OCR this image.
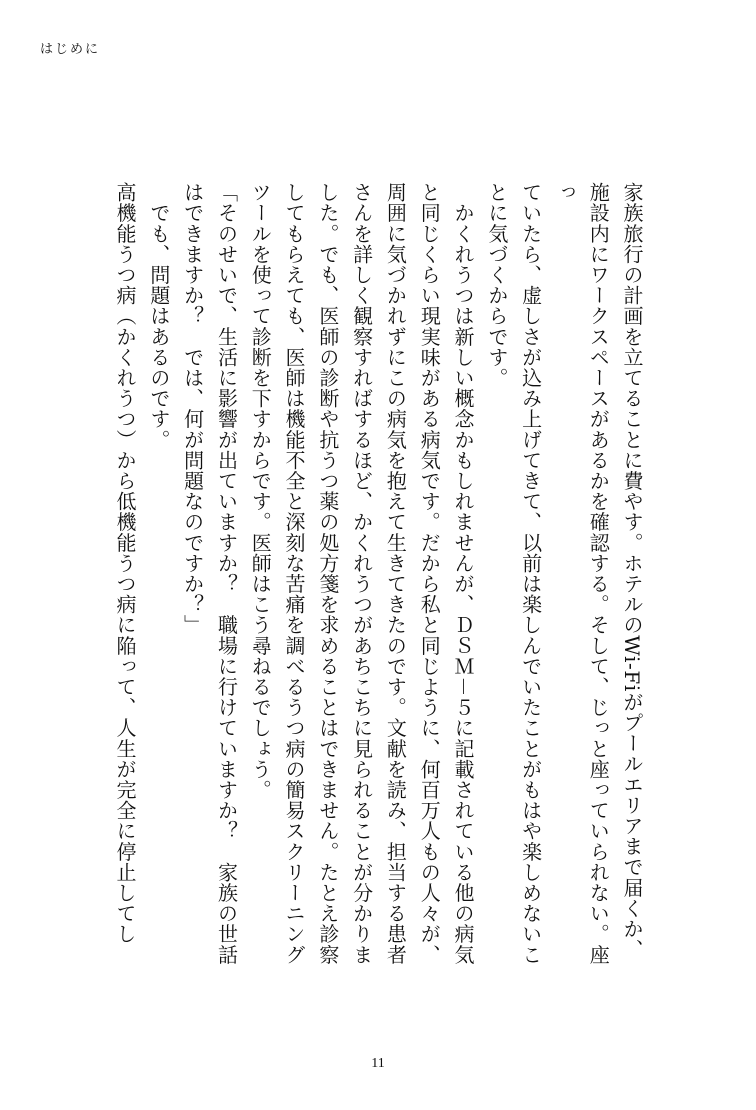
はじめに

家族旅行の計画を立てることに費やす。ホテルのWi-Fiがプールエリアまで届くか、

施設内にワークスペースがあるかを確認する。そして、じっと座っていられない。座っ

ていたら、虚しさが込み上げてきて、以前は楽しんでいたことがもはや楽しめないこ

とに気づくからです。

　かくれうつは新しい概念かもしれませんが、ＤＳＭ－５に記載されている他の病気

と同じくらい現実味がある病気です。だから私と同じように、何百万人もの人々が、

周囲に気づかれずにこの病気を抱えて生きてきたのです。文献を読み、担当する患者

さんを詳しく観察すればするほど、かくれうつがあちこちに見られることが分かりま

した。でも、医師の診断や抗うつ薬の処方箋を求めることはできません。たとえ診察

してもらえても、医師は機能不全と深刻な苦痛を調べるうつ病の簡易スクリーニング

ツールを使って診断を下すからです。医師はこう尋ねるでしょう。

「そのせいで、生活に影響が出ていますか？　職場に行けていますか？　家族の世話

はできますか？　では、何が問題なのですか？」

　でも、問題はあるのです。

高機能うつ病（かくれうつ）から低機能うつ病に陥って、人生が完全に停止してし

11
